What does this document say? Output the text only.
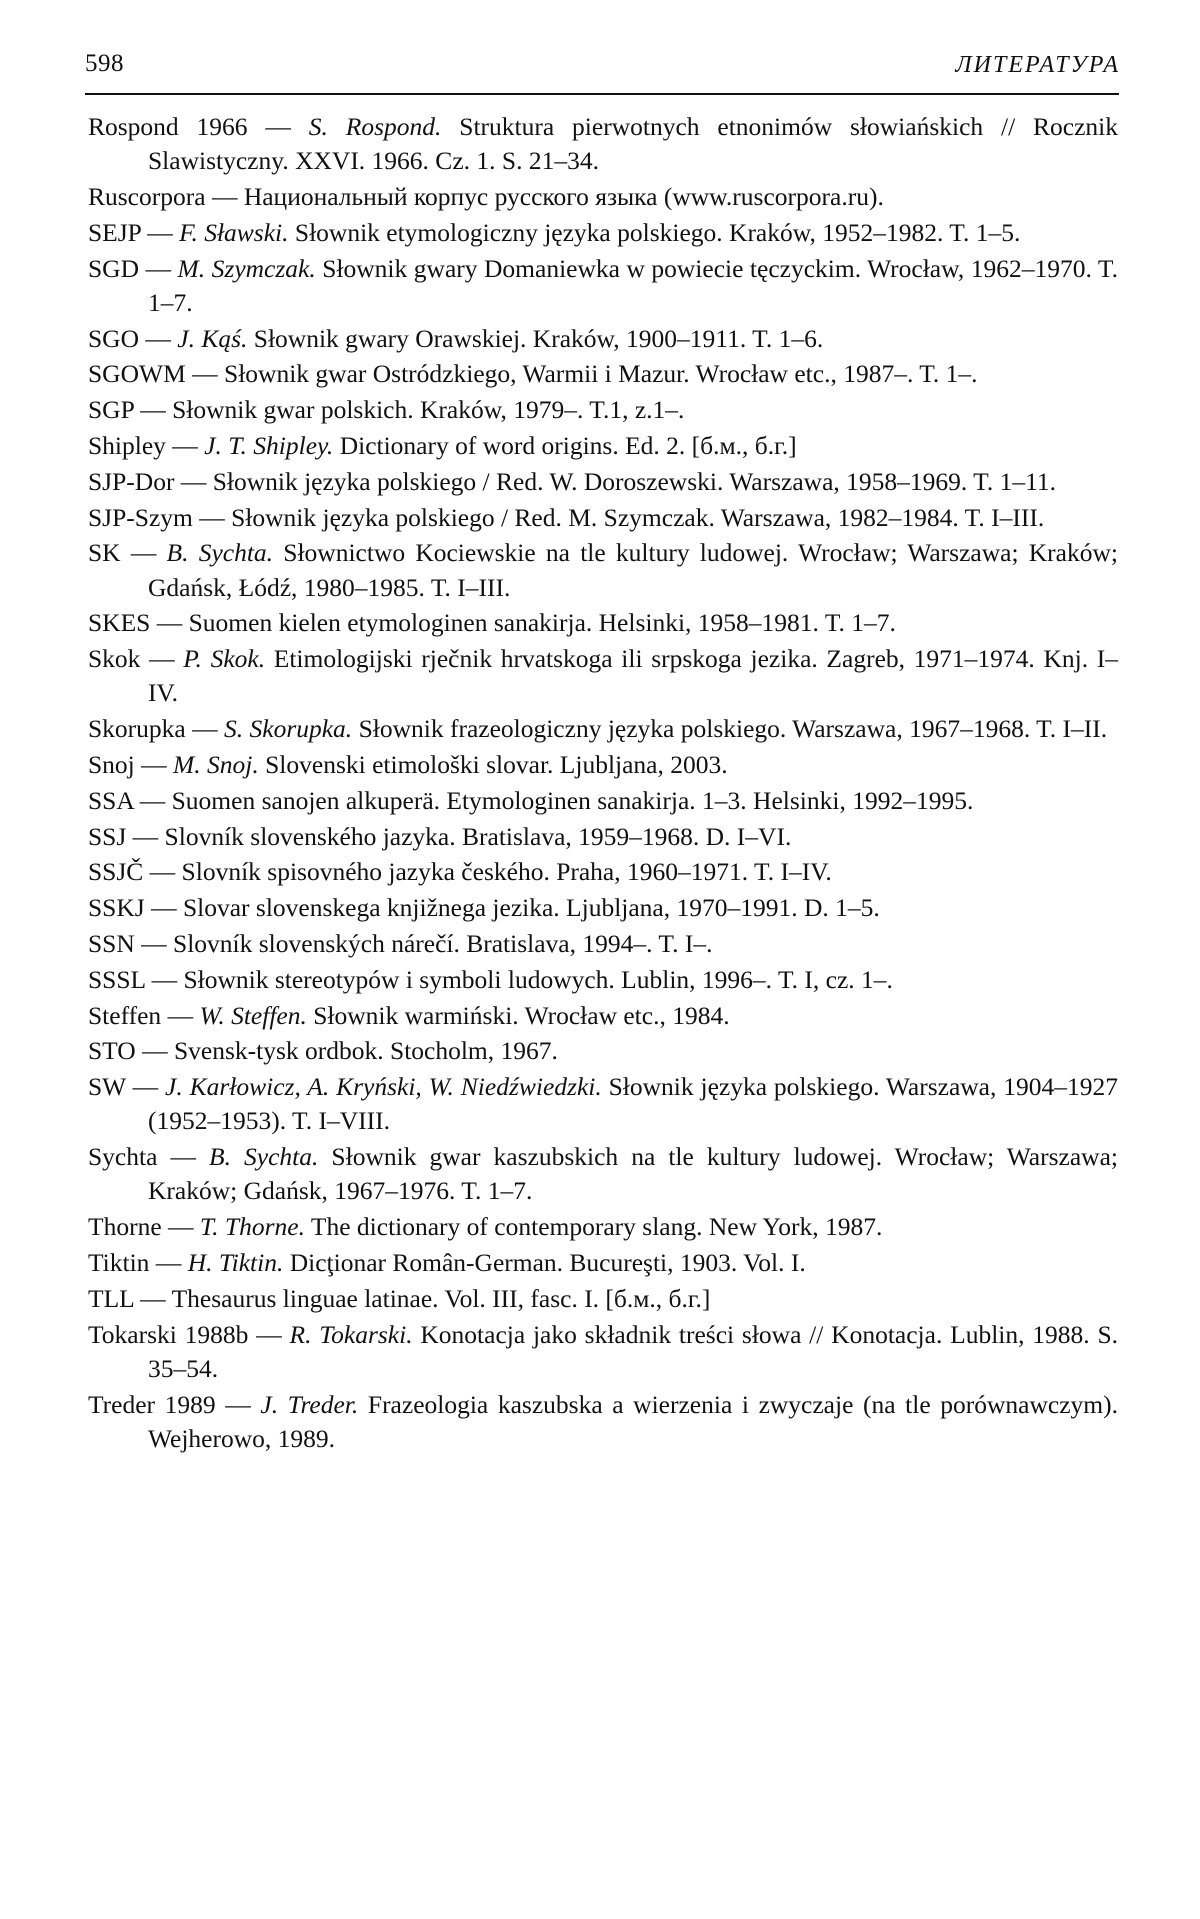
598	ЛИТЕРАТУРА
Rospond 1966 — S. Rospond. Struktura pierwotnych etnonimów słowiańskich // Rocznik Slawistyczny. XXVI. 1966. Cz. 1. S. 21–34.
Ruscorpora — Национальный корпус русского языка (www.ruscorpora.ru).
SEJP — F. Sławski. Słownik etymologiczny języka polskiego. Kraków, 1952–1982. T. 1–5.
SGD — M. Szymczak. Słownik gwary Domaniewka w powiecie tęczyckim. Wrocław, 1962–1970. T. 1–7.
SGO — J. Kąś. Słownik gwary Orawskiej. Kraków, 1900–1911. T. 1–6.
SGOWM — Słownik gwar Ostródzkiego, Warmii i Mazur. Wrocław etc., 1987–. T. 1–.
SGP — Słownik gwar polskich. Kraków, 1979–. T.1, z.1–.
Shipley — J. T. Shipley. Dictionary of word origins. Ed. 2. [б.м., б.г.]
SJP-Dor — Słownik języka polskiego / Red. W. Doroszewski. Warszawa, 1958–1969. T. 1–11.
SJP-Szym — Słownik języka polskiego / Red. M. Szymczak. Warszawa, 1982–1984. T. I–III.
SK — B. Sychta. Słownictwo Kociewskie na tle kultury ludowej. Wrocław; Warszawa; Kraków; Gdańsk, Łódź, 1980–1985. T. I–III.
SKES — Suomen kielen etymologinen sanakirja. Helsinki, 1958–1981. T. 1–7.
Skok — P. Skok. Etimologijski rječnik hrvatskoga ili srpskoga jezika. Zagreb, 1971–1974. Knj. I–IV.
Skorupka — S. Skorupka. Słownik frazeologiczny języka polskiego. Warszawa, 1967–1968. T. I–II.
Snoj — M. Snoj. Slovenski etimološki slovar. Ljubljana, 2003.
SSA — Suomen sanojen alkuperä. Etymologinen sanakirja. 1–3. Helsinki, 1992–1995.
SSJ — Slovník slovenského jazyka. Bratislava, 1959–1968. D. I–VI.
SSJČ — Slovník spisovného jazyka českého. Praha, 1960–1971. T. I–IV.
SSKJ — Slovar slovenskega knjižnega jezika. Ljubljana, 1970–1991. D. 1–5.
SSN — Slovník slovenských nárečí. Bratislava, 1994–. T. I–.
SSSL — Słownik stereotypów i symboli ludowych. Lublin, 1996–. T. I, cz. 1–.
Steffen — W. Steffen. Słownik warmiński. Wrocław etc., 1984.
STO — Svensk-tysk ordbok. Stocholm, 1967.
SW — J. Karłowicz, A. Kryński, W. Niedźwiedzki. Słownik języka polskiego. Warszawa, 1904–1927 (1952–1953). T. I–VIII.
Sychta — B. Sychta. Słownik gwar kaszubskich na tle kultury ludowej. Wrocław; Warszawa; Kraków; Gdańsk, 1967–1976. T. 1–7.
Thorne — T. Thorne. The dictionary of contemporary slang. New York, 1987.
Tiktin — H. Tiktin. Dicţionar Român-German. Bucureşti, 1903. Vol. I.
TLL — Thesaurus linguae latinae. Vol. III, fasc. I. [б.м., б.г.]
Tokarski 1988b — R. Tokarski. Konotacja jako składnik treści słowa // Konotacja. Lublin, 1988. S. 35–54.
Treder 1989 — J. Treder. Frazeologia kaszubska a wierzenia i zwyczaje (na tle porównawczym). Wejherowo, 1989.
